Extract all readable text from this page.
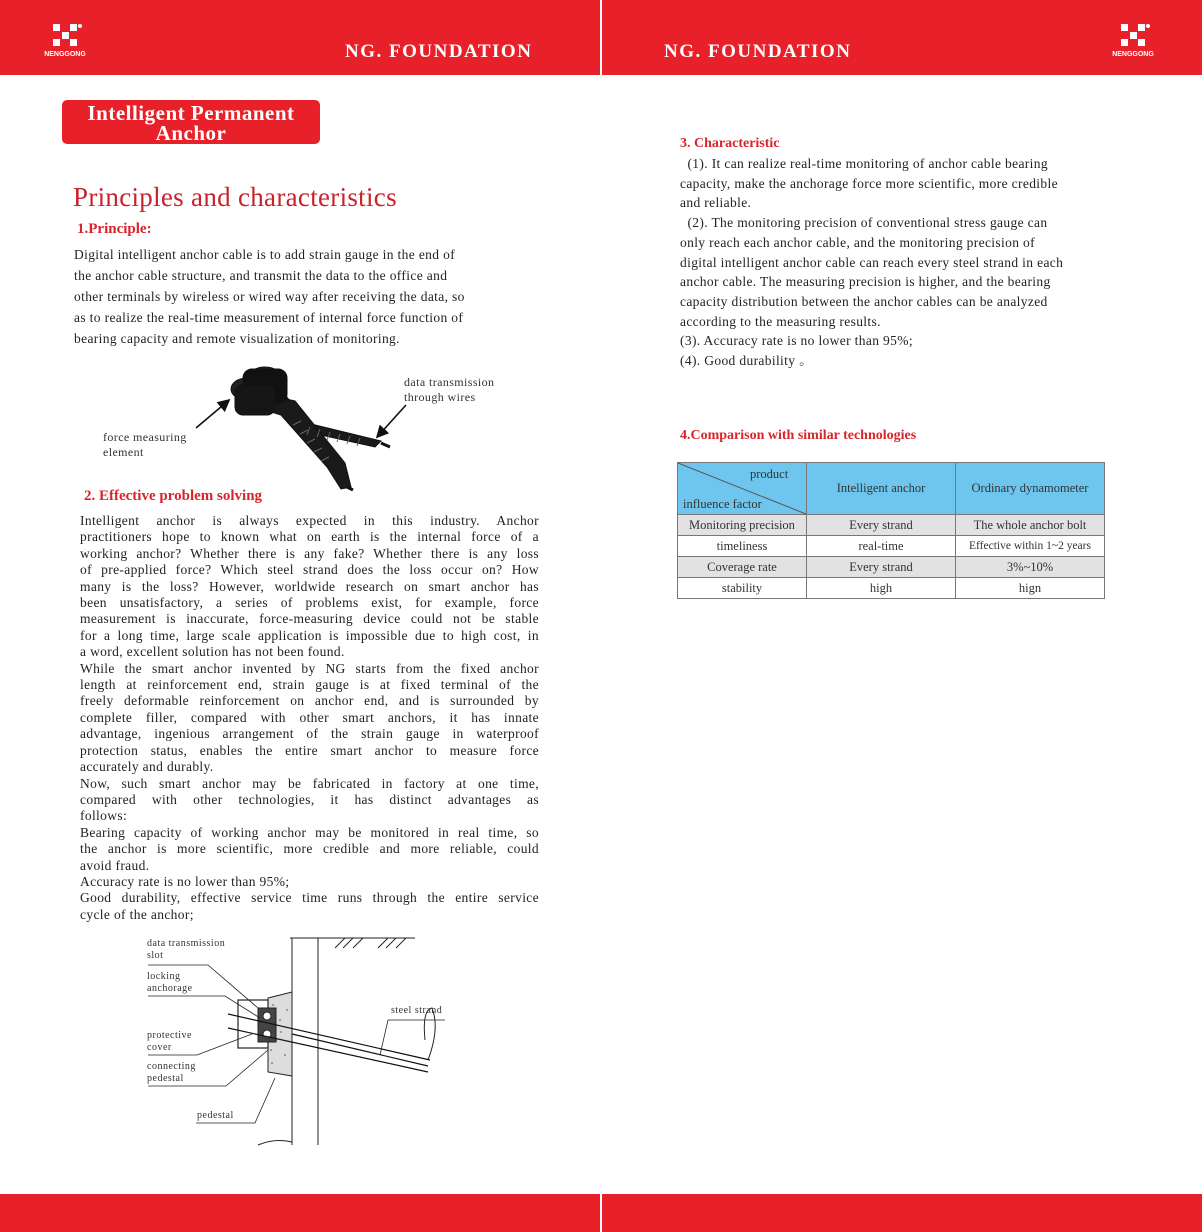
NENGGONG	NENGGONG
NG. FOUNDATION	NG. FOUNDATION
Intelligent Permanent
Anchor
Principles and characteristics
1.Principle:
Digital intelligent anchor cable is to add strain gauge in the end of
the anchor cable structure, and transmit the data to the office and
other terminals by wireless or wired way after receiving the data, so
as to realize the real-time measurement of internal force function of
bearing capacity and remote visualization of monitoring.
data transmission
through wires
force measuring
element
2. Effective problem solving
Intelligent anchor is always expected in this industry. Anchor
practitioners hope to known what on earth is the internal force of a
working anchor? Whether there is any fake? Whether there is any loss
of pre-applied force? Which steel strand does the loss occur on? How
many is the loss? However, worldwide research on smart anchor has
been unsatisfactory, a series of problems exist, for example, force
measurement is inaccurate, force-measuring device could not be stable
for a long time, large scale application is impossible due to high cost, in
a word, excellent solution has not been found.
While the smart anchor invented by NG starts from the fixed anchor
length at reinforcement end, strain gauge is at fixed terminal of the
freely deformable reinforcement on anchor end, and is surrounded by
complete filler, compared with other smart anchors, it has innate
advantage, ingenious arrangement of the strain gauge in waterproof
protection status, enables the entire smart anchor to measure force
accurately and durably.
Now, such smart anchor may be fabricated in factory at one time,
compared with other technologies, it has distinct advantages as
follows:
Bearing capacity of working anchor may be monitored in real time, so
the anchor is more scientific, more credible and more reliable, could
avoid fraud.
Accuracy rate is no lower than 95%;
Good durability, effective service time runs through the entire service
cycle of the anchor;
data transmission
slot
locking
anchorage
protective
cover
connecting
pedestal
pedestal
steel strand
3. Characteristic
(1). It can realize real-time monitoring of anchor cable bearing
capacity, make the anchorage force more scientific, more credible
and reliable.
(2). The monitoring precision of conventional stress gauge can
only reach each anchor cable, and the monitoring precision of
digital intelligent anchor cable can reach every steel strand in each
anchor cable. The measuring precision is higher, and the bearing
capacity distribution between the anchor cables can be analyzed
according to the measuring results.
(3). Accuracy rate is no lower than 95%;
(4). Good durability 。
4.Comparison with similar technologies
product
influence factor	Intelligent anchor	Ordinary dynamometer
Monitoring precision	Every strand	The whole anchor bolt
timeliness	real-time	Effective within 1~2 years
Coverage rate	Every strand	3%~10%
stability	high	hign
